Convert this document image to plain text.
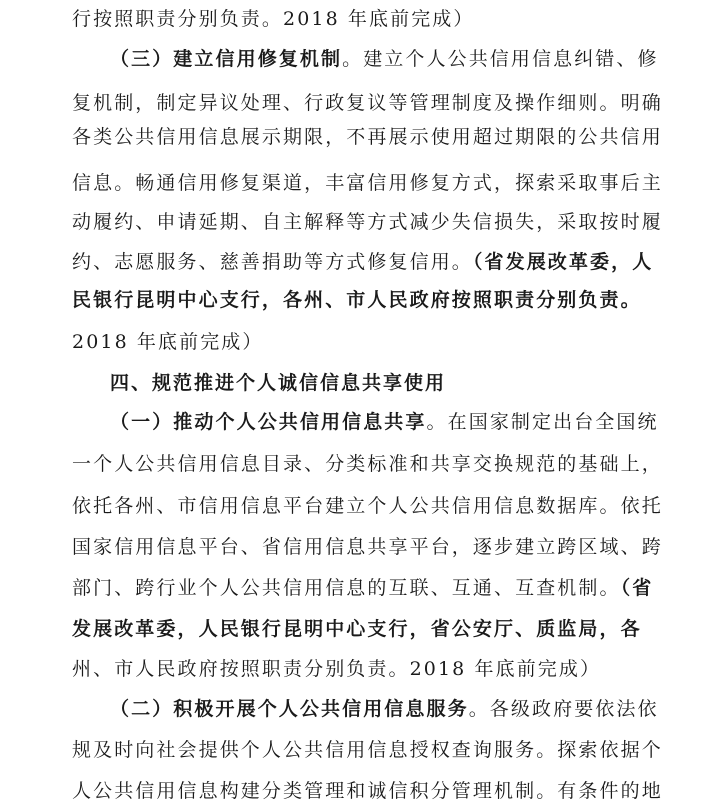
行按照职责分别负责。2018 年底前完成）
（三）建立信用修复机制。建立个人公共信用信息纠错、修
复机制，制定异议处理、行政复议等管理制度及操作细则。明确
各类公共信用信息展示期限，不再展示使用超过期限的公共信用
信息。畅通信用修复渠道，丰富信用修复方式，探索采取事后主
动履约、申请延期、自主解释等方式减少失信损失，采取按时履
约、志愿服务、慈善捐助等方式修复信用。（省发展改革委，人
民银行昆明中心支行，各州、市人民政府按照职责分别负责。
2018 年底前完成）
四、规范推进个人诚信信息共享使用
（一）推动个人公共信用信息共享。在国家制定出台全国统
一个人公共信用信息目录、分类标准和共享交换规范的基础上，
依托各州、市信用信息平台建立个人公共信用信息数据库。依托
国家信用信息平台、省信用信息共享平台，逐步建立跨区域、跨
部门、跨行业个人公共信用信息的互联、互通、互查机制。（省
发展改革委，人民银行昆明中心支行，省公安厅、质监局，各
州、市人民政府按照职责分别负责。2018 年底前完成）
（二）积极开展个人公共信用信息服务。各级政府要依法依
规及时向社会提供个人公共信用信息授权查询服务。探索依据个
人公共信用信息构建分类管理和诚信积分管理机制。有条件的地
